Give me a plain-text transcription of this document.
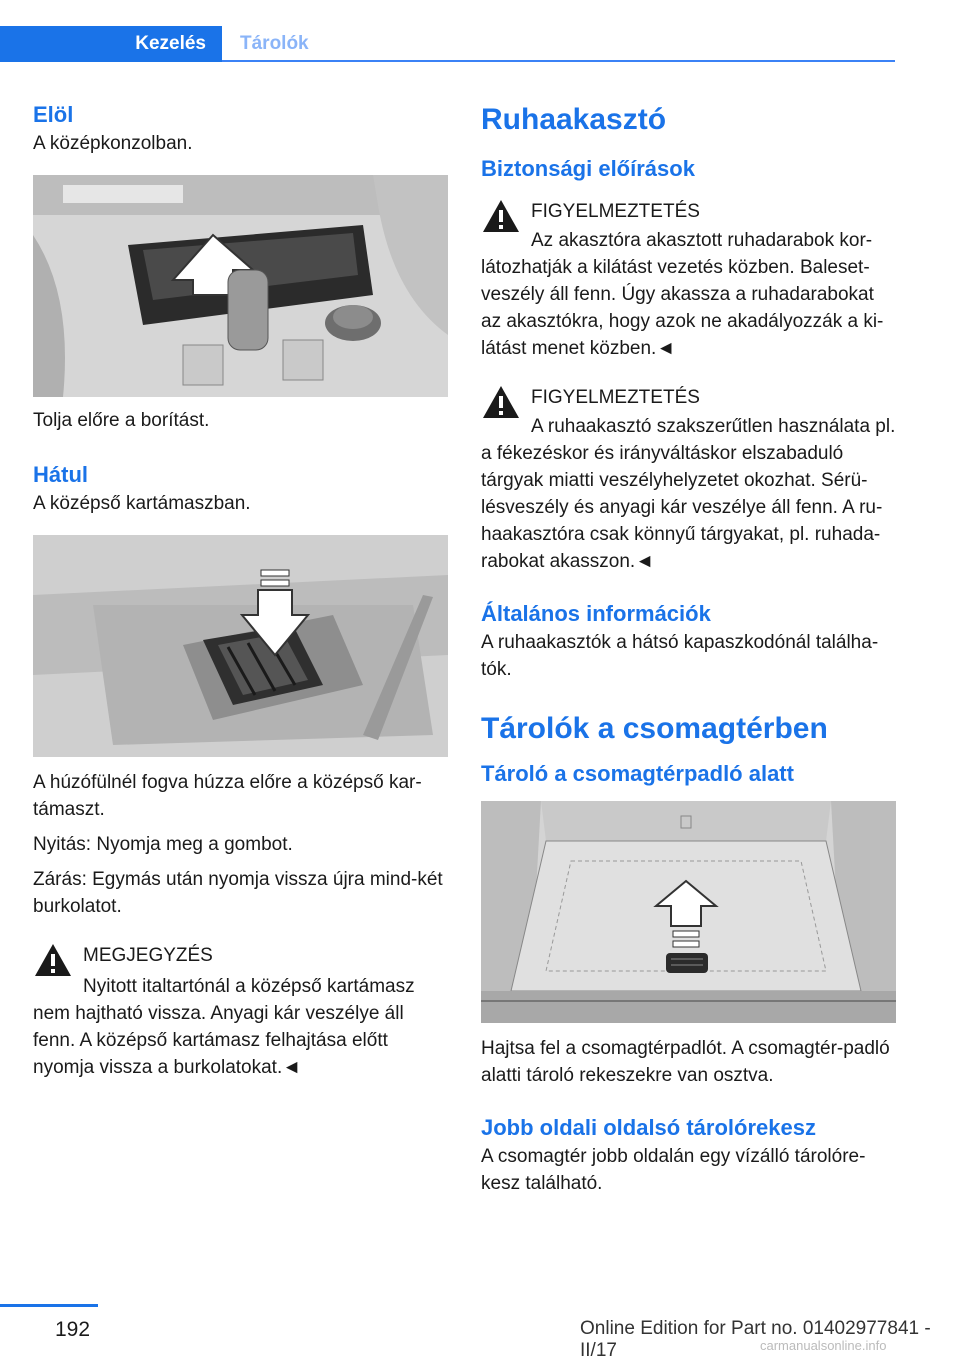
Kezelés	Tárolók
Elöl

A középkonzolban.

Tolja előre a borítást.

Hátul

A középső kartámaszban.

A húzófülnél fogva húzza előre a középső kar-támaszt.

Nyitás: Nyomja meg a gombot.

Zárás: Egymás után nyomja vissza újra mind-két burkolatot.

MEGJEGYZÉS

Nyitott italtartónál a középső kartámasz nem hajtható vissza. Anyagi kár veszélye áll fenn. A középső kartámasz felhajtása előtt nyomja vissza a burkolatokat.◄

Ruhaakasztó
Biztonsági előírások
FIGYELMEZTETÉS

Az akasztóra akasztott ruhadarabok kor-látozhatják a kilátást vezetés közben. Baleset-veszély áll fenn. Úgy akassza a ruhadarabokat az akasztókra, hogy azok ne akadályozzák a ki-látást menet közben.◄

FIGYELMEZTETÉS

A ruhaakasztó szakszerűtlen használata pl. a fékezéskor és irányváltáskor elszabaduló tárgyak miatti veszélyhelyzetet okozhat. Sérü-lésveszély és anyagi kár veszélye áll fenn. A ru-haakasztóra csak könnyű tárgyakat, pl. ruhada-rabokat akasszon.◄

Általános információk

A ruhaakasztók a hátsó kapaszkodónál találha-tók.

Tárolók a csomagtérben
Tároló a csomagtérpadló alatt

Hajtsa fel a csomagtérpadlót. A csomagtér-padló alatti tároló rekeszekre van osztva.

Jobb oldali oldalsó tárolórekesz

A csomagtér jobb oldalán egy vízálló tárolóre-kesz található.

192	Online Edition for Part no. 01402977841 - II/17	carmanualsonline.info
